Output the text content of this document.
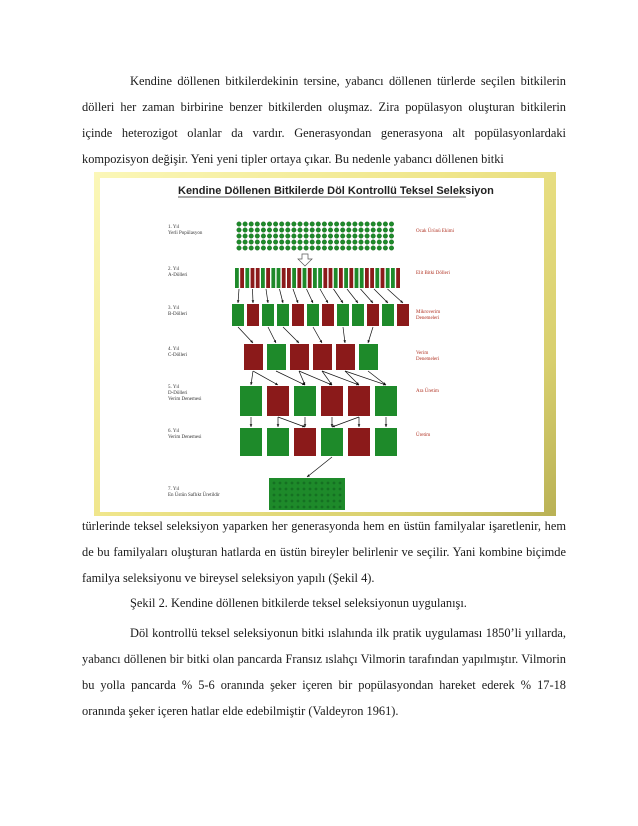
Kendine döllenen bitkilerdekinin tersine, yabancı döllenen türlerde seçilen bitkilerin dölleri her zaman birbirine benzer bitkilerden oluşmaz. Zira popülasyon oluşturan bitkilerin içinde heterozigot olanlar da vardır. Generasyondan generasyona alt popülasyonlardaki kompozisyon değişir. Yeni yeni tipler ortaya çıkar. Bu nedenle yabancı döllenen bitki

Kendine Döllenen Bitkilerde Döl Kontrollü Teksel Seleksiyon
1. Yıl
Yerli Popülasyon	Ocak Ürünü Ekimi
2. Yıl
A-Dölleri	Elit Bitki Dölleri
3. Yıl
B-Dölleri	Mikroverim
Denemeleri
4. Yıl
C-Dölleri	Verim
Denemeleri
5. Yıl
D-Dölleri
Verim Denemesi
Ara Üretim
6. Yıl
Verim Denemesi	Üretim
7. Yıl
En Üstün Saflıkt Üretildir

türlerinde teksel seleksiyon yaparken her generasyonda hem en üstün familyalar işaretlenir, hem de bu familyaları oluşturan hatlarda en üstün bireyler belirlenir ve seçilir. Yani kombine biçimde familya seleksiyonu ve bireysel seleksiyon yapılı (Şekil 4).

Şekil 2. Kendine döllenen bitkilerde teksel seleksiyonun uygulanışı.

Döl kontrollü teksel seleksiyonun bitki ıslahında ilk pratik uygulaması 1850’li yıllarda, yabancı döllenen bir bitki olan pancarda Fransız ıslahçı Vilmorin tarafından yapılmıştır. Vilmorin bu yolla pancarda % 5-6 oranında şeker içeren bir popülasyondan hareket ederek % 17-18 oranında şeker içeren hatlar elde edebilmiştir (Valdeyron 1961).
